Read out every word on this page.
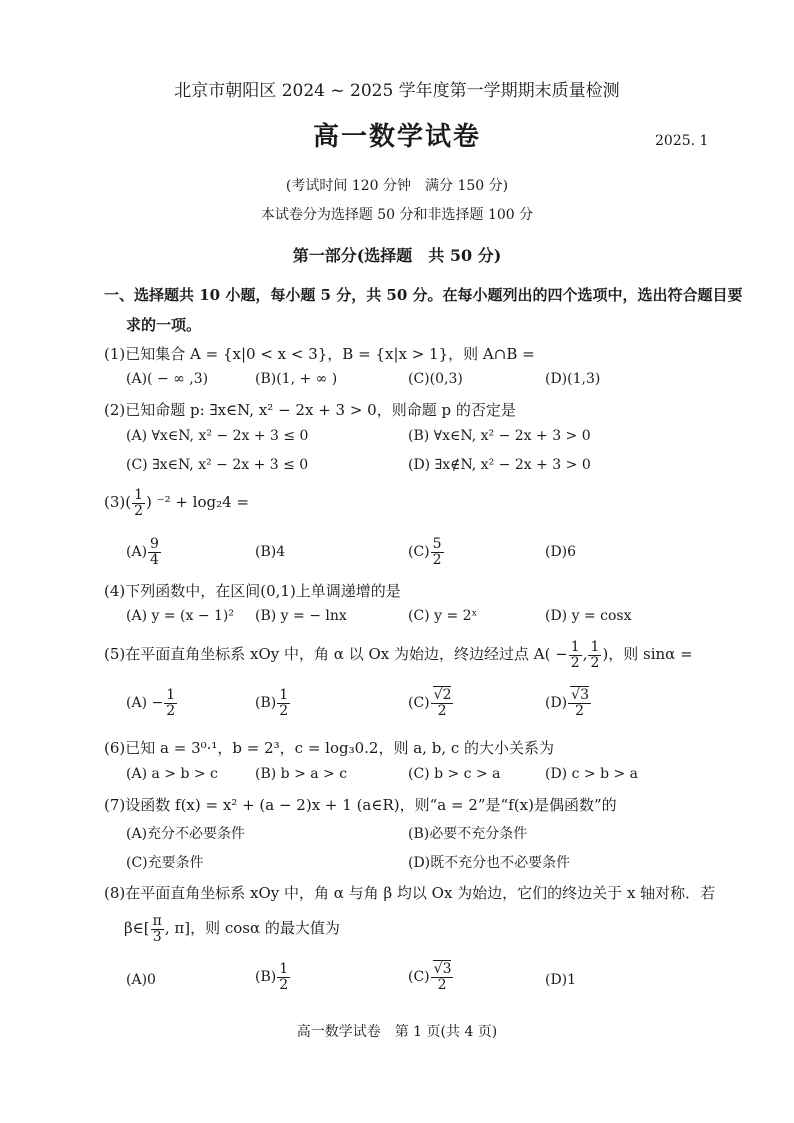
北京市朝阳区 2024 ~ 2025 学年度第一学期期末质量检测
高一数学试卷	2025. 1
(考试时间 120 分钟　满分 150 分)
本试卷分为选择题 50 分和非选择题 100 分
第一部分(选择题　共 50 分)
一、选择题共 10 小题，每小题 5 分，共 50 分。在每小题列出的四个选项中，选出符合题目要
求的一项。
(1)已知集合 A = {x|0 < x < 3}，B = {x|x > 1}，则 A∩B =
(A)( − ∞ ,3)	(B)(1, + ∞ )	(C)(0,3)	(D)(1,3)
(2)已知命题 p: ∃x∈N, x² − 2x + 3 > 0，则命题 p 的否定是
(A) ∀x∈N, x² − 2x + 3 ≤ 0	(B) ∀x∈N, x² − 2x + 3 > 0
(C) ∃x∈N, x² − 2x + 3 ≤ 0	(D) ∃x∉N, x² − 2x + 3 > 0
$(3)( \frac{1}{2}$ ) ⁻² + log₂4 =
$(A) \frac{9}{4}$	(B)4	$(C) \frac{5}{2}$	(D)6
(4)下列函数中，在区间(0,1)上单调递增的是
(A) y = (x − 1)² (B) y = − lnx	(C) y = 2ˣ	(D) y = cosx
(5)在平面直角坐标系 xOy 中，角 α 以 Ox 为始边，终边经过点 $A( - \frac{1}{2}$ , $\frac{1}{2}$ )，则 sinα =
$(A) - \frac{1}{2}$	$(B) \frac{1}{2}$	(C) √ $\frac{2}{2}$	(D) √ $\frac{3}{2}$
(6)已知 a = 3⁰·¹，b = 2³，c = log₃0.2，则 a, b, c 的大小关系为
(A) a > b > c	(B) b > a > c	(C) b > c > a	(D) c > b > a
(7)设函数 f(x) = x² + (a − 2)x + 1 (a∈R)，则“a = 2”是“f(x)是偶函数”的
(A)充分不必要条件	(B)必要不充分条件
(C)充要条件	(D)既不充分也不必要条件
(8)在平面直角坐标系 xOy 中，角 α 与角 β 均以 Ox 为始边，它们的终边关于 x 轴对称．若
β∈[ $\frac{\pi}{3}$ , π]，则 cosα 的最大值为
(A)0	$(B) \frac{1}{2}$	(C) √ $\frac{3}{2}$	(D)1
高一数学试卷　第 1 页(共 4 页)
